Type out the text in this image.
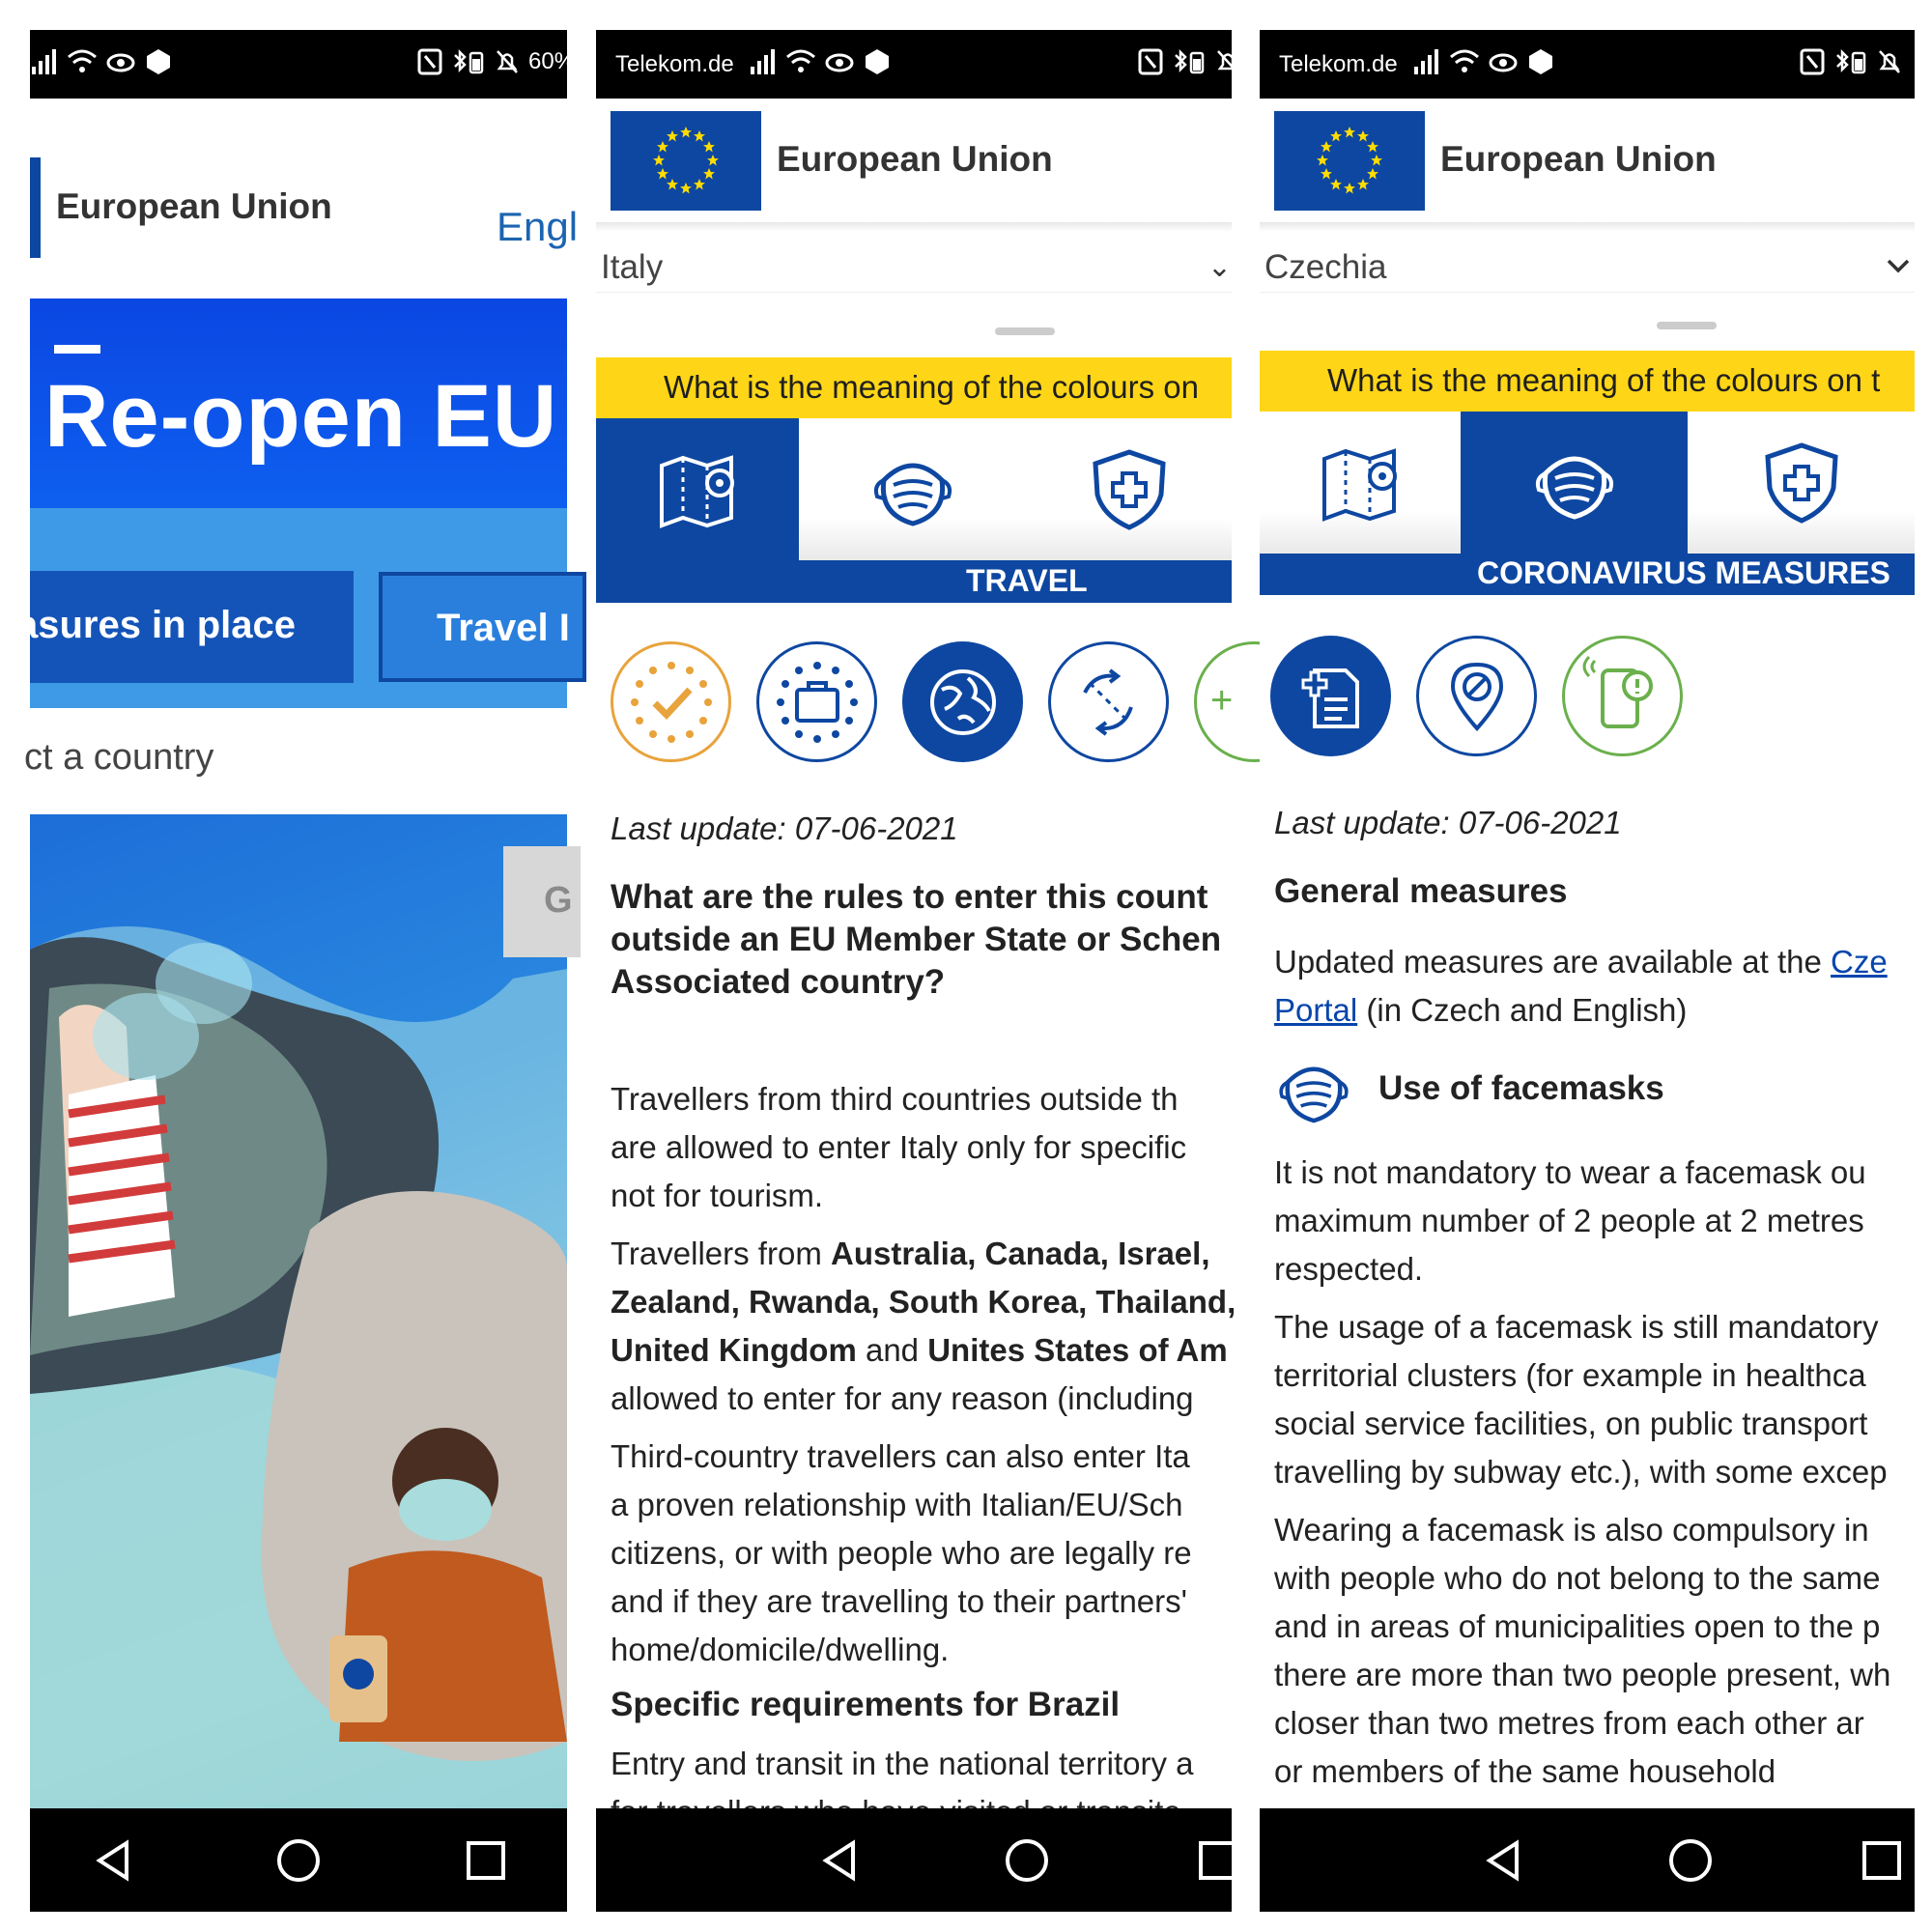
60%
European Union	Engl
Re-open EU
asures in place	Travel I
ct a country
G
Telekom.de
European Union
Italy	⌄
What is the meaning of the colours on
TRAVEL
+
Last update: 07-06-2021
What are the rules to enter this count
outside an EU Member State or Schen
Associated country?

Travellers from third countries outside th
are allowed to enter Italy only for specific
not for tourism.

Travellers from Australia, Canada, Israel,
Zealand, Rwanda, South Korea, Thailand,
United Kingdom and Unites States of Am
allowed to enter for any reason (including

Third-country travellers can also enter Ita
a proven relationship with Italian/EU/Sch
citizens, or with people who are legally re
and if they are travelling to their partners'
home/domicile/dwelling.

Specific requirements for Brazil
Entry and transit in the national territory a
Telekom.de
European Union
Czechia
What is the meaning of the colours on t
CORONAVIRUS MEASURES
Last update: 07-06-2021
General measures

Updated measures are available at the Cze
Portal (in Czech and English)

Use of facemasks

It is not mandatory to wear a facemask ou
maximum number of 2 people at 2 metres
respected.

The usage of a facemask is still mandatory
territorial clusters (for example in healthca
social service facilities, on public transport
travelling by subway etc.), with some excep

Wearing a facemask is also compulsory in
with people who do not belong to the same
and in areas of municipalities open to the p
there are more than two people present, wh
closer than two metres from each other ar
or members of the same household
